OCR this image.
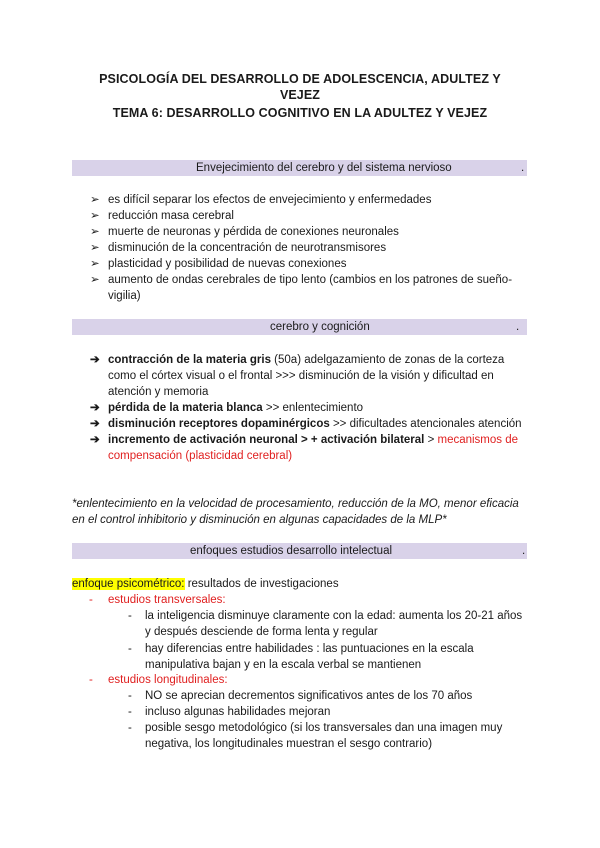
PSICOLOGÍA DEL DESARROLLO DE ADOLESCENCIA, ADULTEZ Y
VEJEZ
TEMA 6: DESARROLLO COGNITIVO EN LA ADULTEZ Y VEJEZ
Envejecimiento del cerebro y del sistema nervioso	.
➢ es difícil separar los efectos de envejecimiento y enfermedades
➢ reducción masa cerebral
➢ muerte de neuronas y pérdida de conexiones neuronales
➢ disminución de la concentración de neurotransmisores
➢ plasticidad y posibilidad de nuevas conexiones
➢ aumento de ondas cerebrales de tipo lento (cambios en los patrones de sueño-vigilia)
cerebro y cognición	.
➔ contracción de la materia gris (50a) adelgazamiento de zonas de la corteza como el córtex visual o el frontal >>> disminución de la visión y dificultad en atención y memoria
➔ pérdida de la materia blanca >> enlentecimiento
➔ disminución receptores dopaminérgicos >> dificultades atencionales atención
➔ incremento de activación neuronal > + activación bilateral > mecanismos de compensación (plasticidad cerebral)
*enlentecimiento en la velocidad de procesamiento, reducción de la MO, menor eficacia en el control inhibitorio y disminución en algunas capacidades de la MLP*
enfoques estudios desarrollo intelectual	.
enfoque psicométrico: resultados de investigaciones
- estudios transversales:
- la inteligencia disminuye claramente con la edad: aumenta los 20-21 años y después desciende de forma lenta y regular
- hay diferencias entre habilidades : las puntuaciones en la escala manipulativa bajan y en la escala verbal se mantienen
- estudios longitudinales:
- NO se aprecian decrementos significativos antes de los 70 años
- incluso algunas habilidades mejoran
- posible sesgo metodológico (si los transversales dan una imagen muy negativa, los longitudinales muestran el sesgo contrario)
